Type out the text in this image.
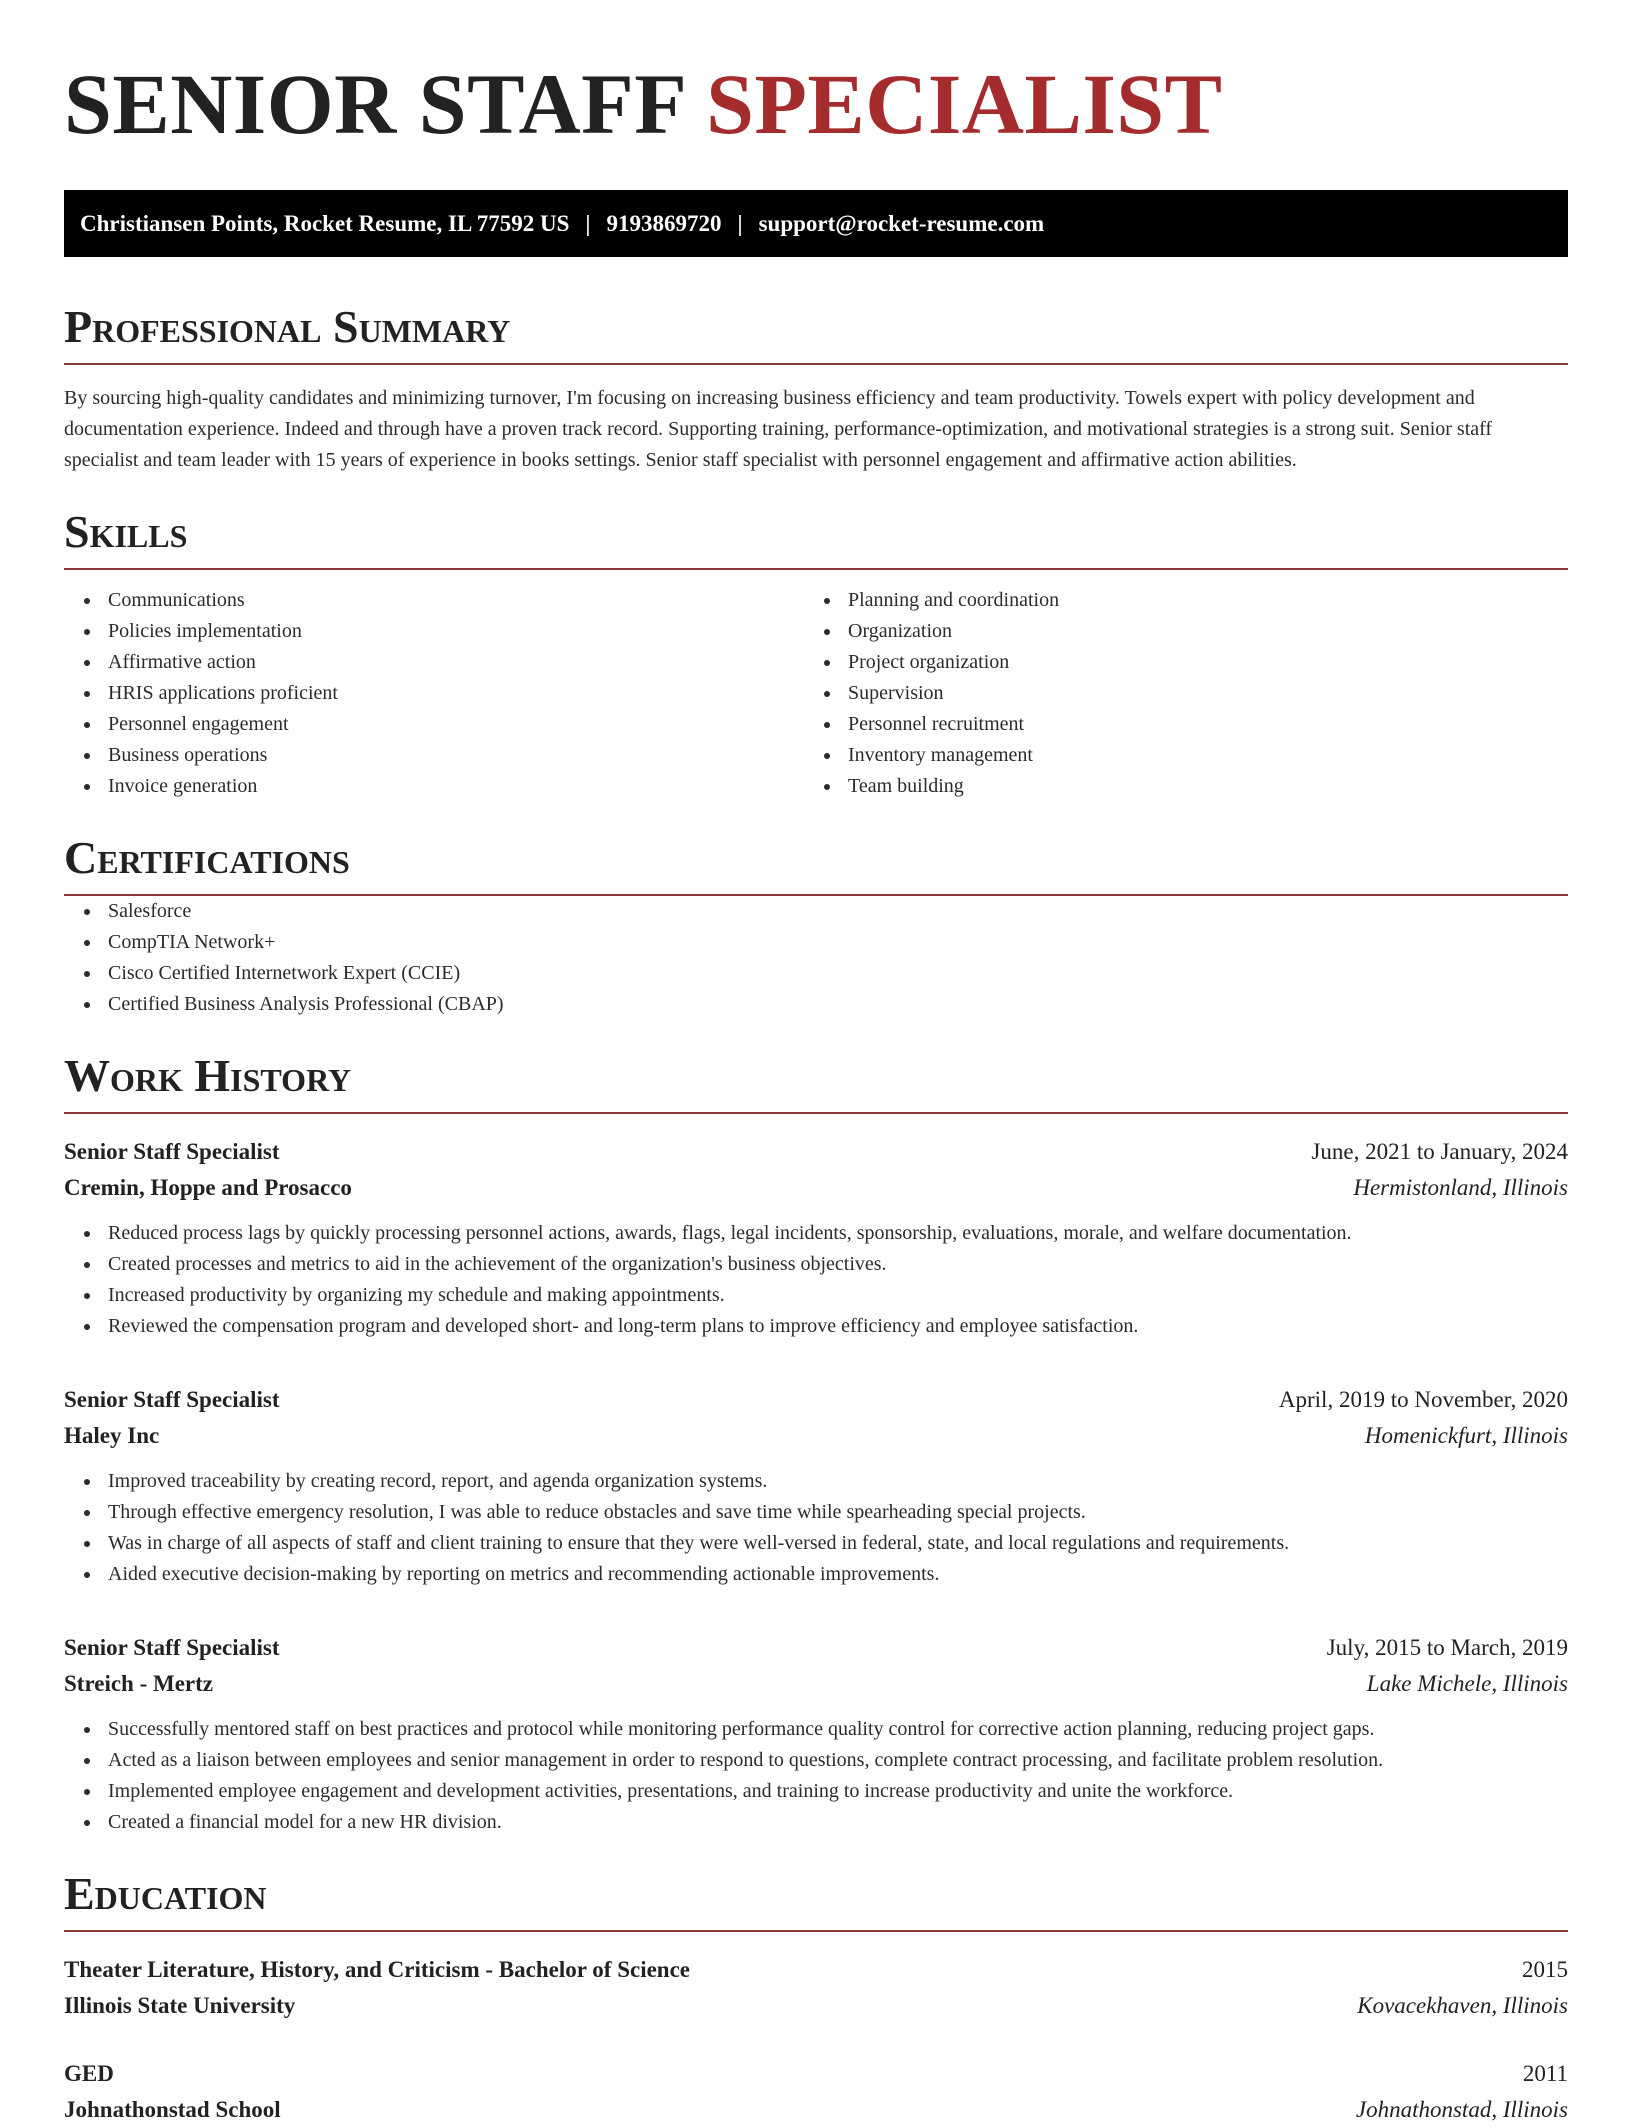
SENIOR STAFF SPECIALIST
Christiansen Points, Rocket Resume, IL 77592 US | 9193869720 | support@rocket-resume.com
Professional Summary

By sourcing high-quality candidates and minimizing turnover, I'm focusing on increasing business efficiency and team productivity. Towels expert with policy development and documentation experience. Indeed and through have a proven track record. Supporting training, performance-optimization, and motivational strategies is a strong suit. Senior staff specialist and team leader with 15 years of experience in books settings. Senior staff specialist with personnel engagement and affirmative action abilities.

Skills
Communications
Policies implementation
Affirmative action
HRIS applications proficient
Personnel engagement
Business operations
Invoice generation
Planning and coordination
Organization
Project organization
Supervision
Personnel recruitment
Inventory management
Team building
Certifications
Salesforce
CompTIA Network+
Cisco Certified Internetwork Expert (CCIE)
Certified Business Analysis Professional (CBAP)
Work History
Senior Staff Specialist	June, 2021 to January, 2024
Cremin, Hoppe and Prosacco	Hermistonland, Illinois
Reduced process lags by quickly processing personnel actions, awards, flags, legal incidents, sponsorship, evaluations, morale, and welfare documentation.
Created processes and metrics to aid in the achievement of the organization's business objectives.
Increased productivity by organizing my schedule and making appointments.
Reviewed the compensation program and developed short- and long-term plans to improve efficiency and employee satisfaction.
Senior Staff Specialist	April, 2019 to November, 2020
Haley Inc	Homenickfurt, Illinois
Improved traceability by creating record, report, and agenda organization systems.
Through effective emergency resolution, I was able to reduce obstacles and save time while spearheading special projects.
Was in charge of all aspects of staff and client training to ensure that they were well-versed in federal, state, and local regulations and requirements.
Aided executive decision-making by reporting on metrics and recommending actionable improvements.
Senior Staff Specialist	July, 2015 to March, 2019
Streich - Mertz	Lake Michele, Illinois
Successfully mentored staff on best practices and protocol while monitoring performance quality control for corrective action planning, reducing project gaps.
Acted as a liaison between employees and senior management in order to respond to questions, complete contract processing, and facilitate problem resolution.
Implemented employee engagement and development activities, presentations, and training to increase productivity and unite the workforce.
Created a financial model for a new HR division.
Education
Theater Literature, History, and Criticism - Bachelor of Science	2015
Illinois State University	Kovacekhaven, Illinois
GED	2011
Johnathonstad School	Johnathonstad, Illinois
